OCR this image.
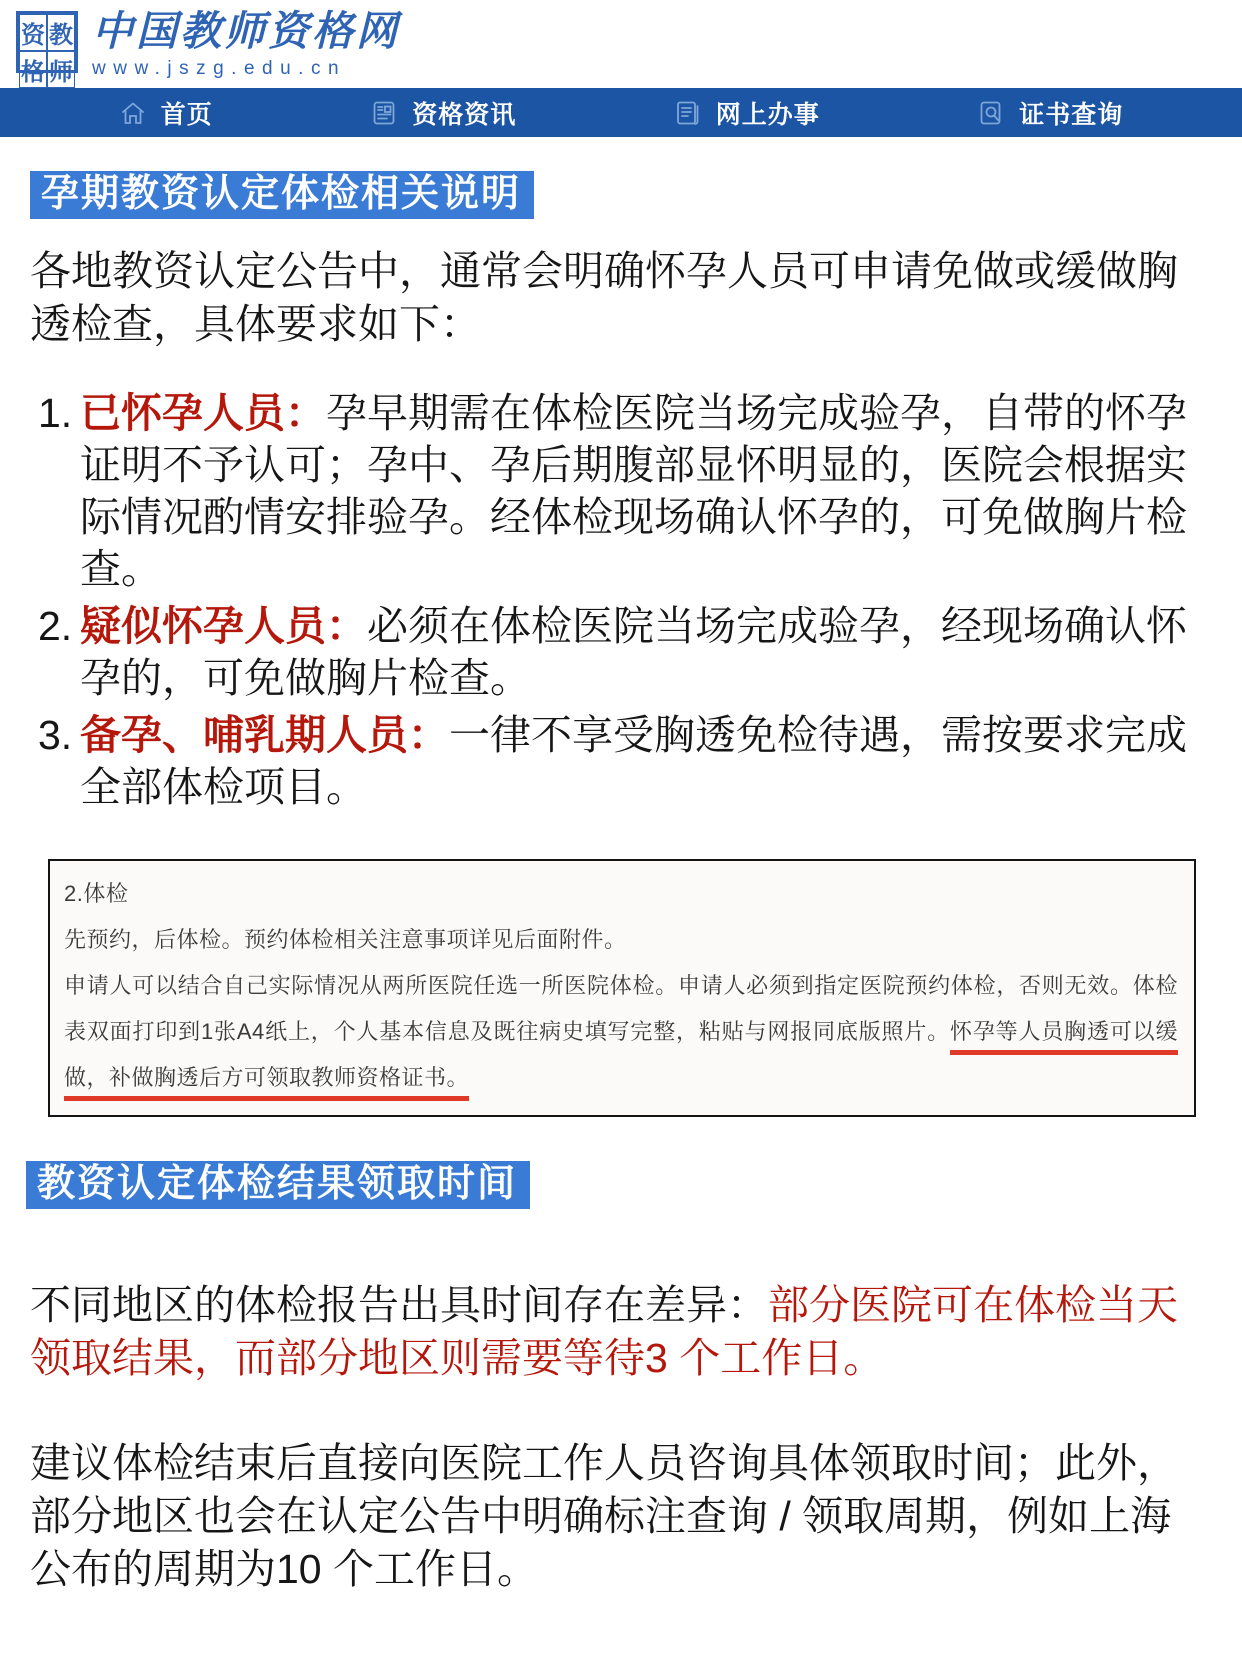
资 教
格 师
中国教师资格网
www.jszg.edu.cn
首页	资格资讯	网上办事	证书查询
孕期教资认定体检相关说明

各地教资认定公告中，通常会明确怀孕人员可申请免做或缓做胸透检查，具体要求如下：

1. 已怀孕人员：孕早期需在体检医院当场完成验孕，自带的怀孕证明不予认可；孕中、孕后期腹部显怀明显的，医院会根据实际情况酌情安排验孕。经体检现场确认怀孕的，可免做胸片检查。
2. 疑似怀孕人员：必须在体检医院当场完成验孕，经现场确认怀孕的，可免做胸片检查。
3. 备孕、哺乳期人员：一律不享受胸透免检待遇，需按要求完成全部体检项目。

2.体检

先预约，后体检。预约体检相关注意事项详见后面附件。

申请人可以结合自己实际情况从两所医院任选一所医院体检。申请人必须到指定医院预约体检，否则无效。体检表双面打印到1张A4纸上，个人基本信息及既往病史填写完整，粘贴与网报同底版照片。怀孕等人员胸透可以缓做，补做胸透后方可领取教师资格证书。

教资认定体检结果领取时间

不同地区的体检报告出具时间存在差异：部分医院可在体检当天领取结果，而部分地区则需要等待3 个工作日。

建议体检结束后直接向医院工作人员咨询具体领取时间；此外，部分地区也会在认定公告中明确标注查询 / 领取周期，例如上海公布的周期为10 个工作日。
